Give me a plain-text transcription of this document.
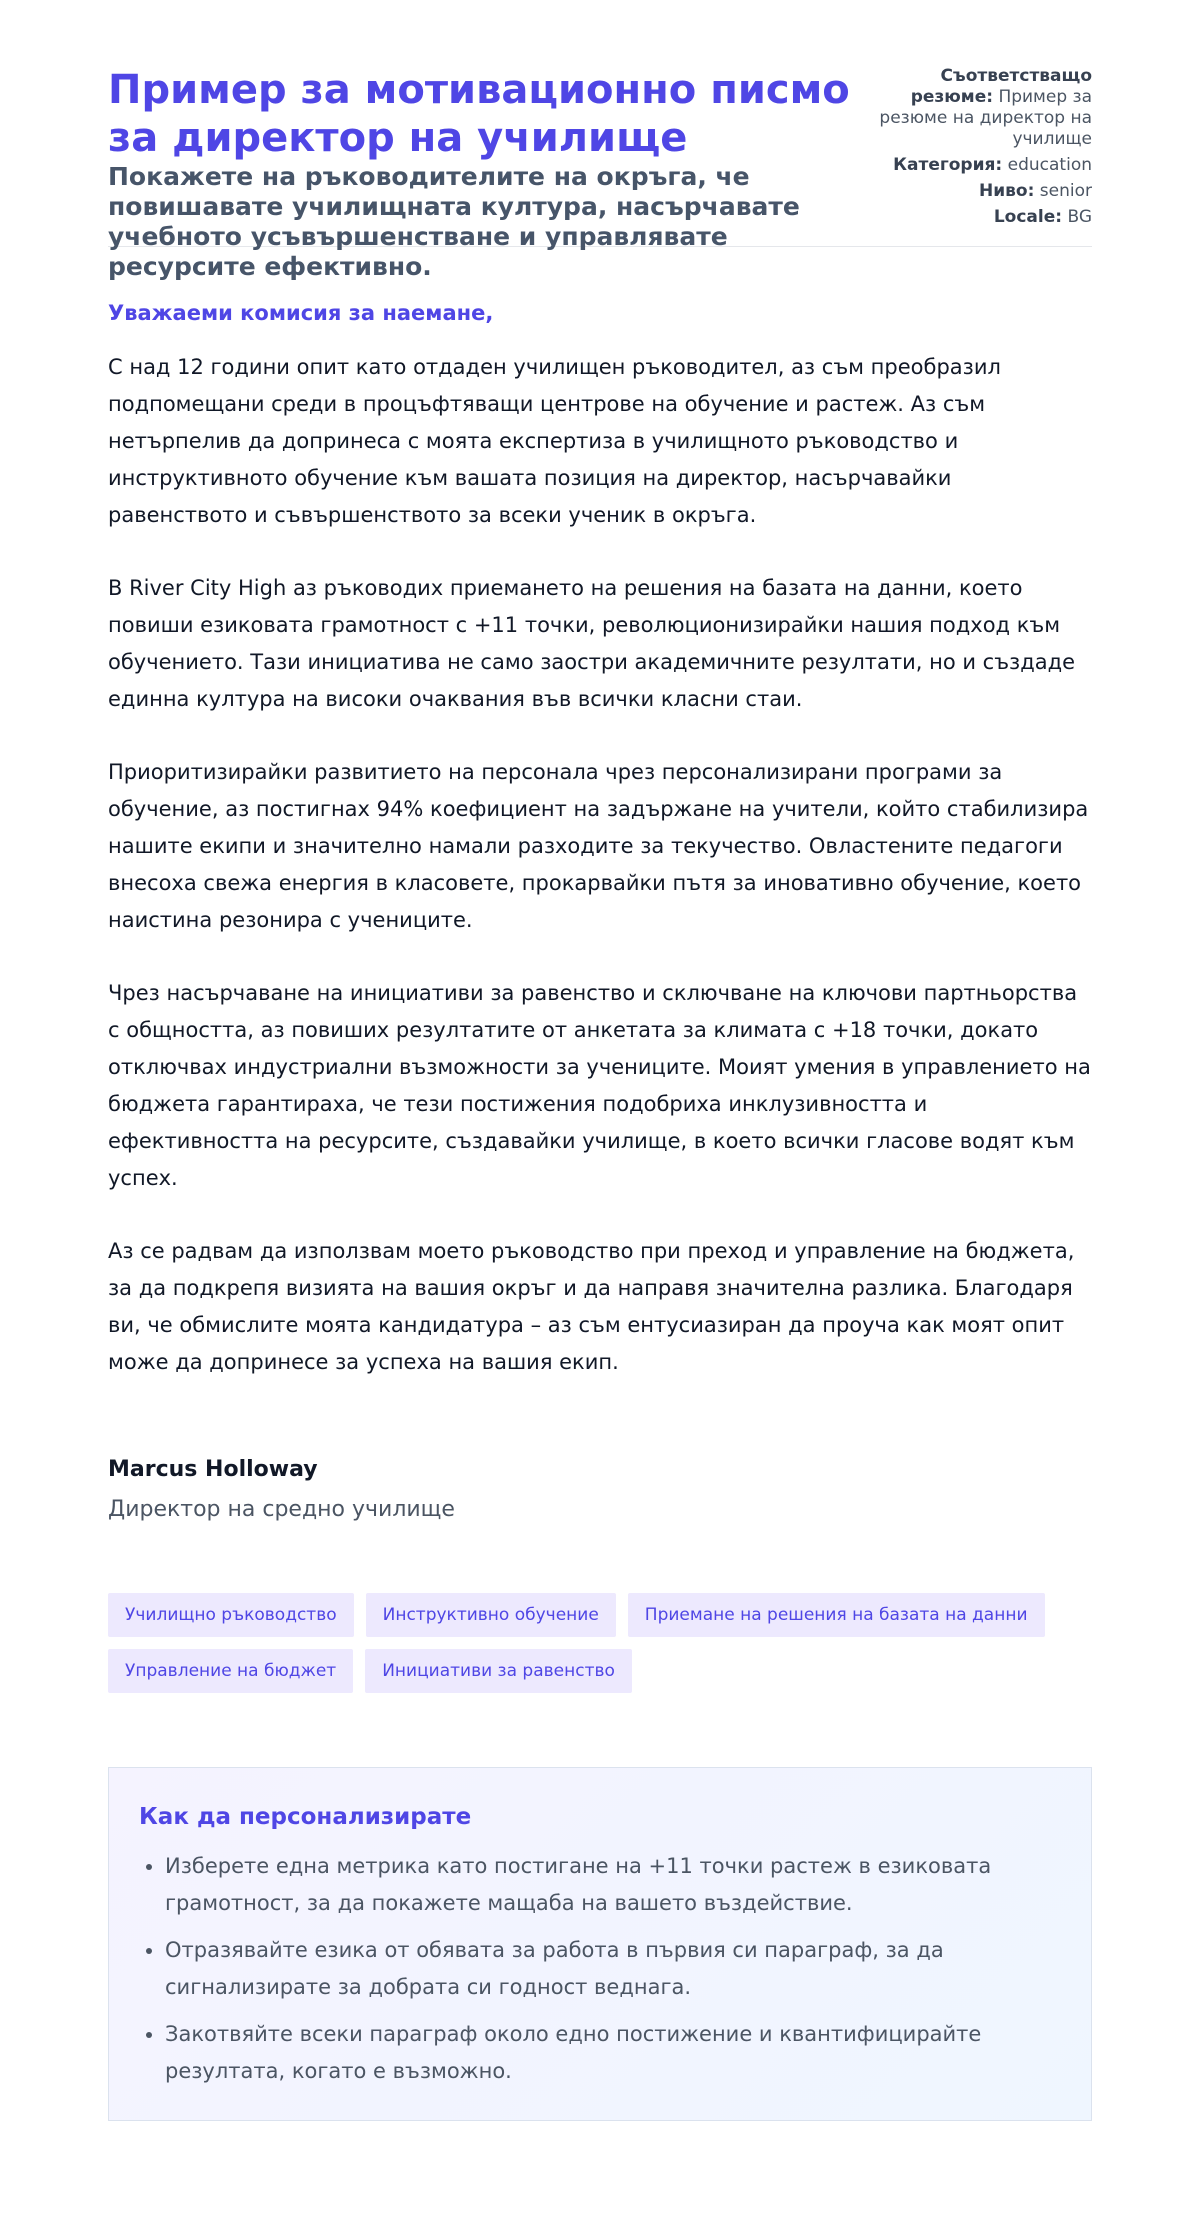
Пример за мотивационно писмо за директор на училище
Покажете на ръководителите на окръга, че повишавате училищната култура, насърчавате учебното усъвършенстване и управлявате ресурсите ефективно.

Съответстващо резюме: Пример за резюме на директор на училище

Категория: education

Ниво: senior

Locale: BG

Уважаеми комисия за наемане,

С над 12 години опит като отдаден училищен ръководител, аз съм преобразил подпомещани среди в процъфтяващи центрове на обучение и растеж. Аз съм нетърпелив да допринеса с моята експертиза в училищното ръководство и инструктивното обучение към вашата позиция на директор, насърчавайки равенството и съвършенството за всеки ученик в окръга.

В River City High аз ръководих приемането на решения на базата на данни, което повиши езиковата грамотност с +11 точки, революционизирайки нашия подход към обучението. Тази инициатива не само заостри академичните резултати, но и създаде единна култура на високи очаквания във всички класни стаи.

Приоритизирайки развитието на персонала чрез персонализирани програми за обучение, аз постигнах 94% коефициент на задържане на учители, който стабилизира нашите екипи и значително намали разходите за текучество. Овластените педагоги внесоха свежа енергия в класовете, прокарвайки пътя за иновативно обучение, което наистина резонира с учениците.

Чрез насърчаване на инициативи за равенство и сключване на ключови партньорства с общността, аз повиших резултатите от анкетата за климата с +18 точки, докато отключвах индустриални възможности за учениците. Моият умения в управлението на бюджета гарантираха, че тези постижения подобриха инклузивността и ефективността на ресурсите, създавайки училище, в което всички гласове водят към успех.

Аз се радвам да използвам моето ръководство при преход и управление на бюджета, за да подкрепя визията на вашия окръг и да направя значителна разлика. Благодаря ви, че обмислите моята кандидатура – аз съм ентусиазиран да проуча как моят опит може да допринесе за успеха на вашия екип.

Marcus Holloway

Директор на средно училище

Училищно ръководство	Инструктивно обучение	Приемане на решения на базата на данни
Управление на бюджет	Инициативи за равенство
Как да персонализирате
• Изберете една метрика като постигане на +11 точки растеж в езиковата грамотност, за да покажете мащаба на вашето въздействие.
• Отразявайте езика от обявата за работа в първия си параграф, за да сигнализирате за добрата си годност веднага.
• Закотвяйте всеки параграф около едно постижение и квантифицирайте резултата, когато е възможно.
